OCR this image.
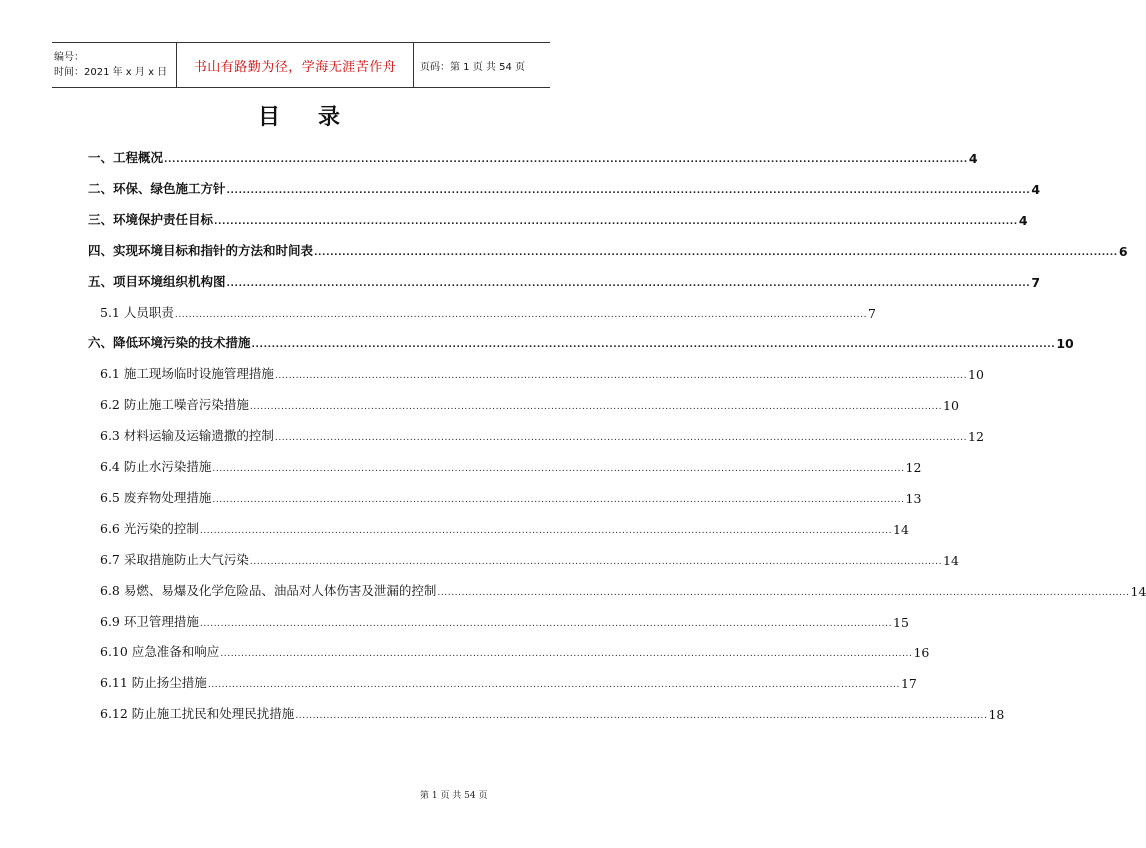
编号：
时间：2021 年 x 月 x 日	书山有路勤为径，学海无涯苦作舟 页码：第 1 页 共 54 页
目 录
一、工程概况 ........................................................................................................................................................................................................ 4
二、环保、绿色施工方针 ........................................................................................................................................................................................................ 4
三、环境保护责任目标 ........................................................................................................................................................................................................ 4
四、实现环境目标和指针的方法和时间表 ........................................................................................................................................................................................................ 6
五、项目环境组织机构图 ........................................................................................................................................................................................................ 7
5.1 人员职责 ........................................................................................................................................................................................................ 7
六、降低环境污染的技术措施 ........................................................................................................................................................................................................ 10
6.1 施工现场临时设施管理措施 ........................................................................................................................................................................................................ 10
6.2 防止施工噪音污染措施 ........................................................................................................................................................................................................ 10
6.3 材料运输及运输遗撒的控制 ........................................................................................................................................................................................................ 12
6.4 防止水污染措施 ........................................................................................................................................................................................................ 12
6.5 废弃物处理措施 ........................................................................................................................................................................................................ 13
6.6 光污染的控制 ........................................................................................................................................................................................................ 14
6.7 采取措施防止大气污染 ........................................................................................................................................................................................................ 14
6.8 易燃、易爆及化学危险品、油品对人体伤害及泄漏的控制 ........................................................................................................................................................................................................ 14
6.9 环卫管理措施 ........................................................................................................................................................................................................ 15
6.10 应急准备和响应 ........................................................................................................................................................................................................ 16
6.11 防止扬尘措施 ........................................................................................................................................................................................................ 17
6.12 防止施工扰民和处理民扰措施 ........................................................................................................................................................................................................ 18
第 1 页 共 54 页
